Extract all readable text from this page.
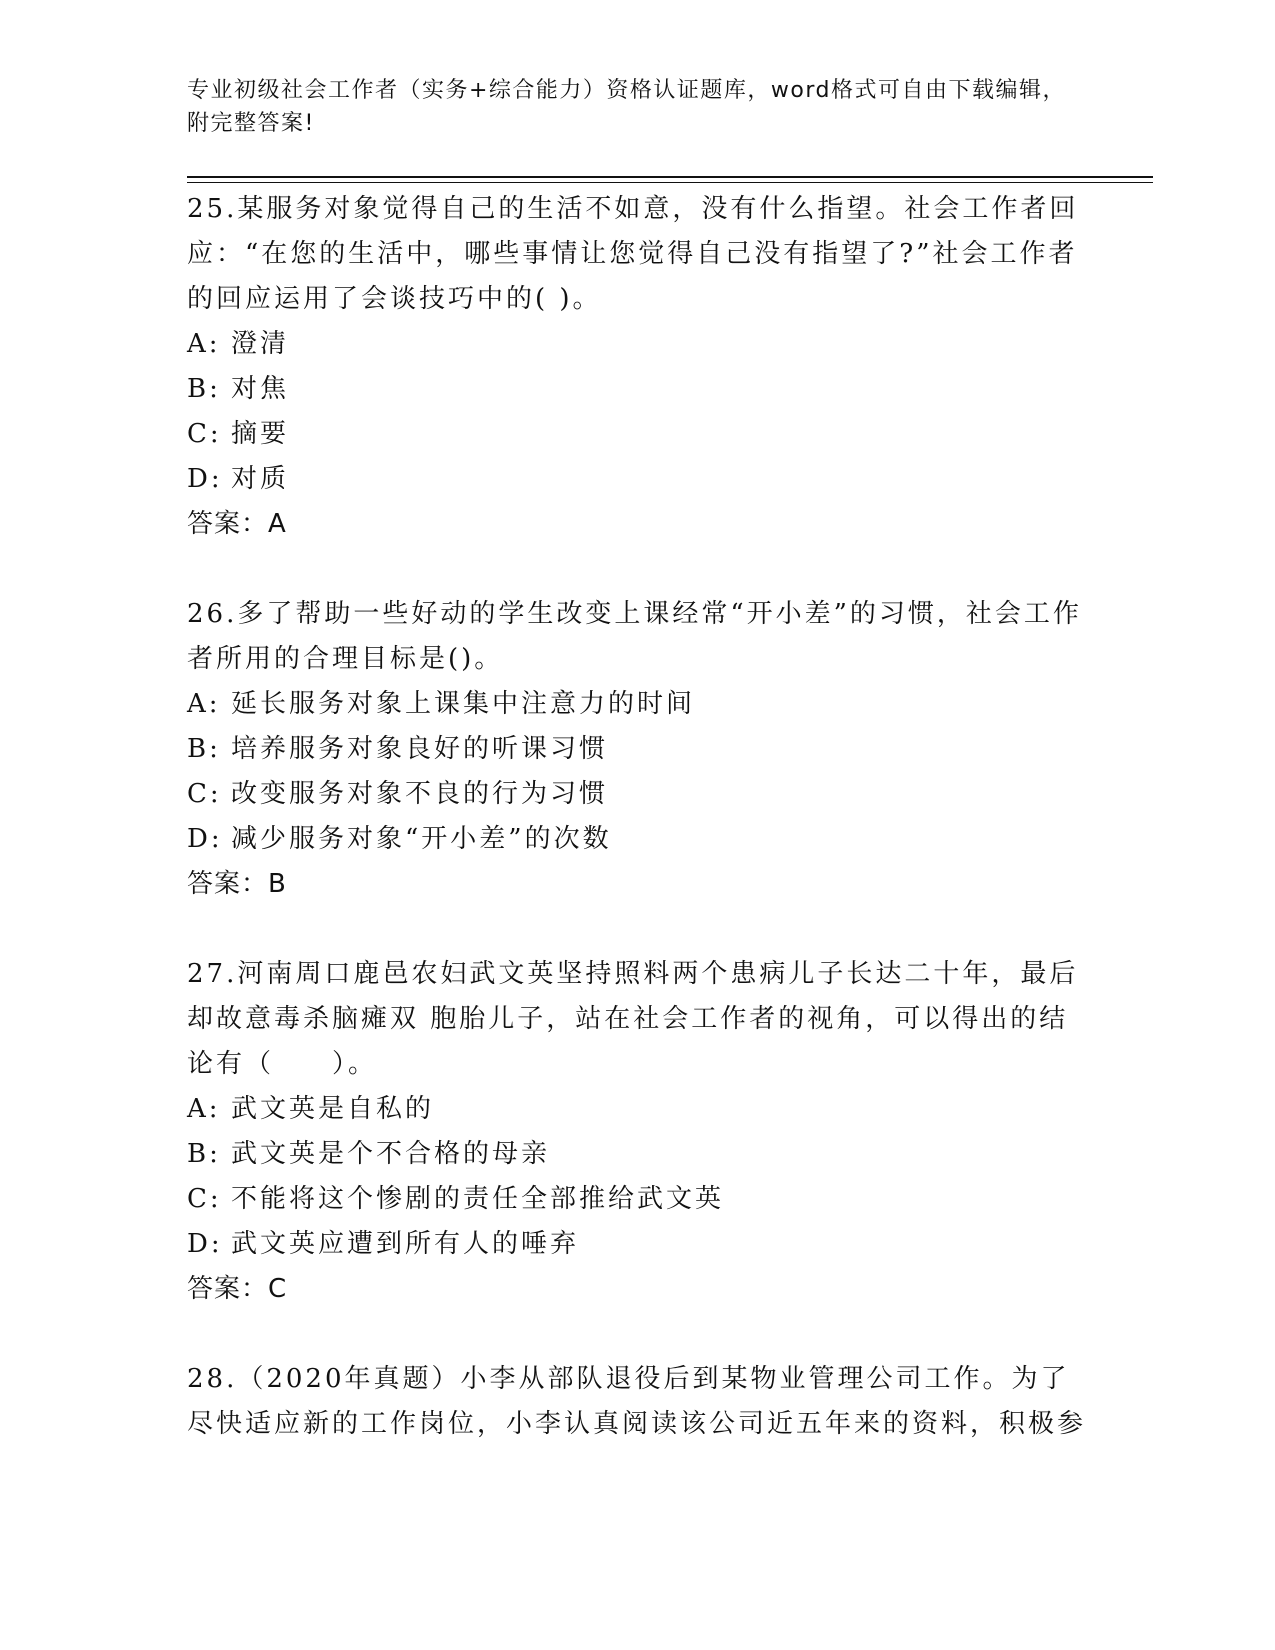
专业初级社会工作者（实务+综合能力）资格认证题库，word格式可自由下载编辑，附完整答案!
25.某服务对象觉得自己的生活不如意，没有什么指望。社会工作者回应：“在您的生活中，哪些事情让您觉得自己没有指望了?”社会工作者的回应运用了会谈技巧中的( )。
A: 澄清
B: 对焦
C: 摘要
D: 对质
答案：A
26.多了帮助一些好动的学生改变上课经常“开小差”的习惯，社会工作者所用的合理目标是()。
A: 延长服务对象上课集中注意力的时间
B: 培养服务对象良好的听课习惯
C: 改变服务对象不良的行为习惯
D: 减少服务对象“开小差”的次数
答案：B
27.河南周口鹿邑农妇武文英坚持照料两个患病儿子长达二十年，最后却故意毒杀脑瘫双 胞胎儿子，站在社会工作者的视角，可以得出的结论有（　　）。
A: 武文英是自私的
B: 武文英是个不合格的母亲
C: 不能将这个惨剧的责任全部推给武文英
D: 武文英应遭到所有人的唾弃
答案：C
28.（2020年真题）小李从部队退役后到某物业管理公司工作。为了尽快适应新的工作岗位，小李认真阅读该公司近五年来的资料，积极参
